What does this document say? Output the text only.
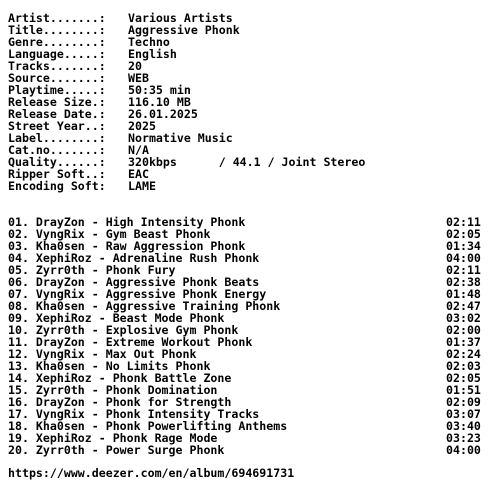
Artist.......: Various Artists
Title........: Aggressive Phonk
Genre........: Techno
Language.....: English
Tracks.......: 20
Source.......: WEB
Playtime.....: 50:35 min
Release Size.: 116.10 MB
Release Date.: 26.01.2025
Street Year..: 2025
Label........: Normative Music
Cat.no.......: N/A
Quality......: 320kbps      / 44.1 / Joint Stereo
Ripper Soft..: EAC
Encoding Soft: LAME
01. DrayZon - High Intensity Phonk	02:11
02. VyngRix - Gym Beast Phonk	02:05
03. Kha0sen - Raw Aggression Phonk	01:34
04. XephiRoz - Adrenaline Rush Phonk	04:00
05. Zyrr0th - Phonk Fury	02:11
06. DrayZon - Aggressive Phonk Beats	02:38
07. VyngRix - Aggressive Phonk Energy	01:48
08. Kha0sen - Aggressive Training Phonk	02:47
09. XephiRoz - Beast Mode Phonk	03:02
10. Zyrr0th - Explosive Gym Phonk	02:00
11. DrayZon - Extreme Workout Phonk	01:37
12. VyngRix - Max Out Phonk	02:24
13. Kha0sen - No Limits Phonk	02:03
14. XephiRoz - Phonk Battle Zone	02:05
15. Zyrr0th - Phonk Domination	01:51
16. DrayZon - Phonk for Strength	02:09
17. VyngRix - Phonk Intensity Tracks	03:07
18. Kha0sen - Phonk Powerlifting Anthems	03:40
19. XephiRoz - Phonk Rage Mode	03:23
20. Zyrr0th - Power Surge Phonk	04:00
https://www.deezer.com/en/album/694691731
